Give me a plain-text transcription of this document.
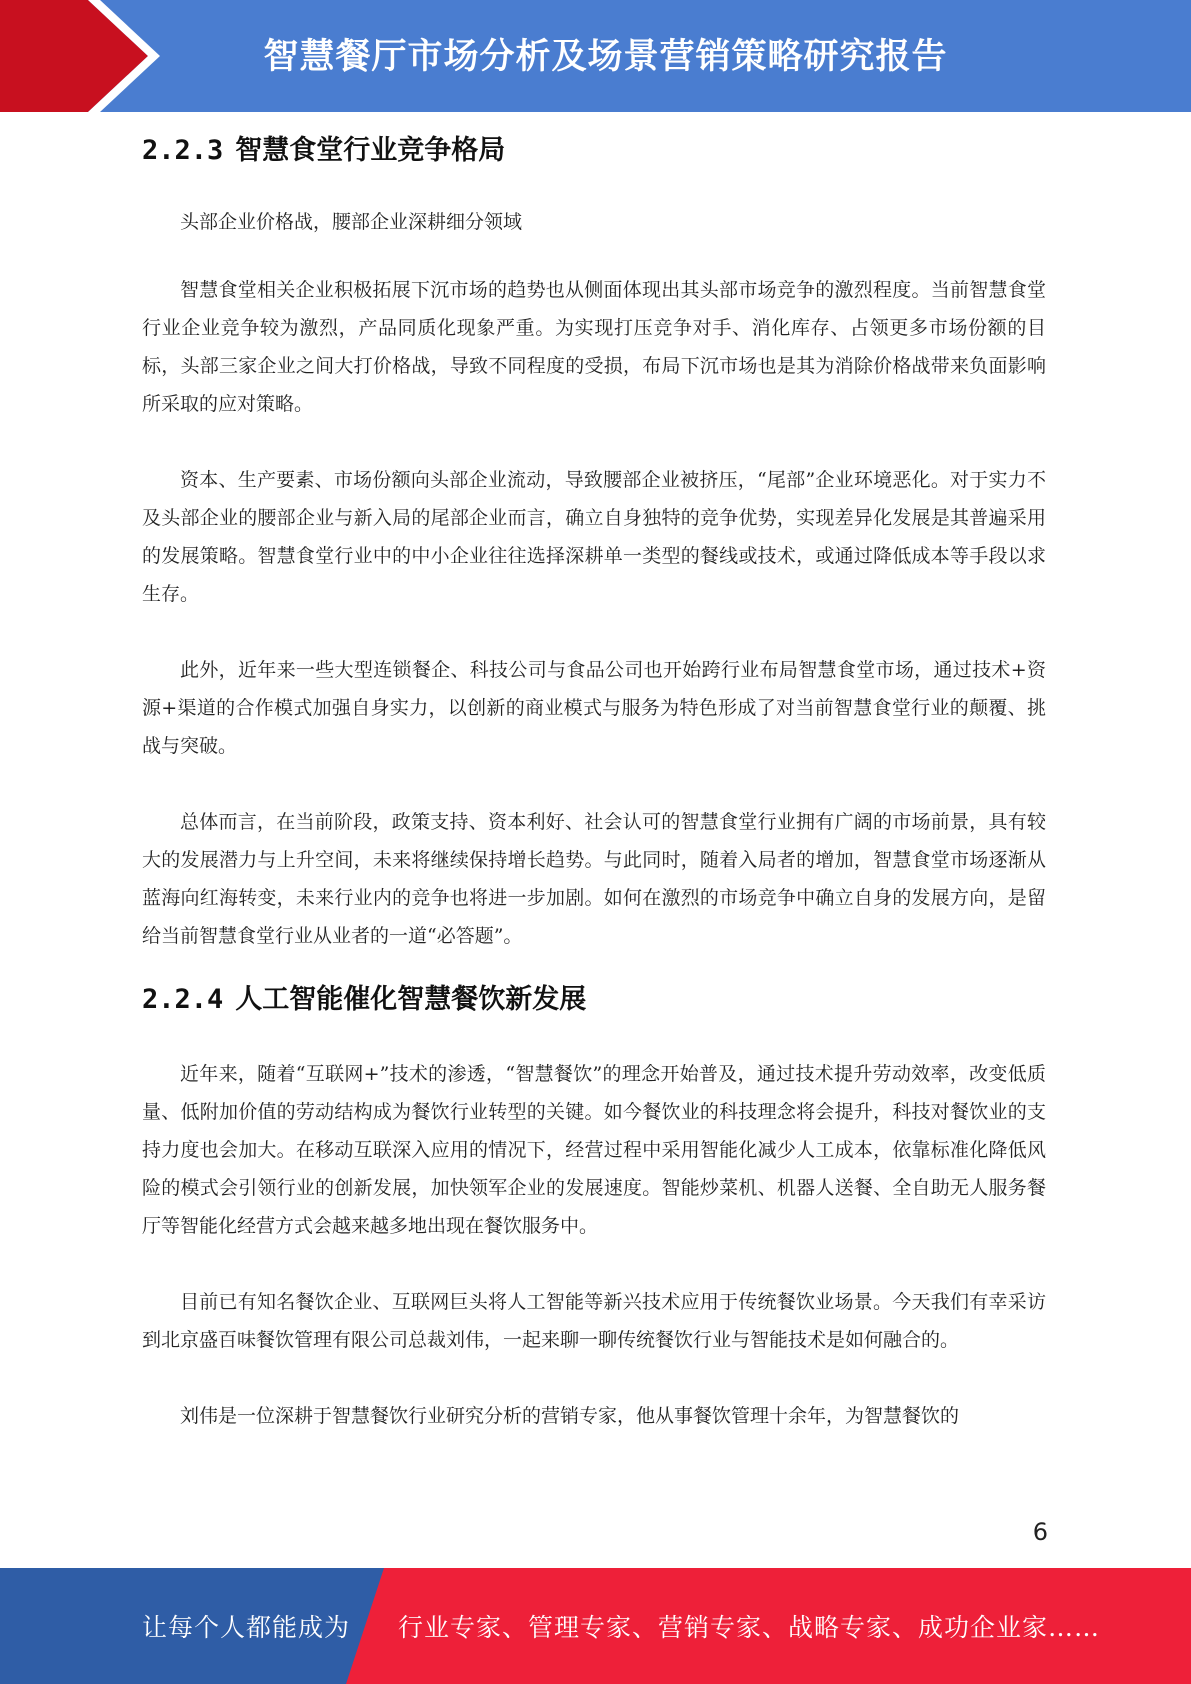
智慧餐厅市场分析及场景营销策略研究报告
2.2.3 智慧食堂行业竞争格局

头部企业价格战，腰部企业深耕细分领域

智慧食堂相关企业积极拓展下沉市场的趋势也从侧面体现出其头部市场竞争的激烈程度。当前智慧食堂行业企业竞争较为激烈，产品同质化现象严重。为实现打压竞争对手、消化库存、占领更多市场份额的目标，头部三家企业之间大打价格战，导致不同程度的受损，布局下沉市场也是其为消除价格战带来负面影响所采取的应对策略。

资本、生产要素、市场份额向头部企业流动，导致腰部企业被挤压，“尾部”企业环境恶化。对于实力不及头部企业的腰部企业与新入局的尾部企业而言，确立自身独特的竞争优势，实现差异化发展是其普遍采用的发展策略。智慧食堂行业中的中小企业往往选择深耕单一类型的餐线或技术，或通过降低成本等手段以求生存。

此外，近年来一些大型连锁餐企、科技公司与食品公司也开始跨行业布局智慧食堂市场，通过技术+资源+渠道的合作模式加强自身实力，以创新的商业模式与服务为特色形成了对当前智慧食堂行业的颠覆、挑战与突破。

总体而言，在当前阶段，政策支持、资本利好、社会认可的智慧食堂行业拥有广阔的市场前景，具有较大的发展潜力与上升空间，未来将继续保持增长趋势。与此同时，随着入局者的增加，智慧食堂市场逐渐从蓝海向红海转变，未来行业内的竞争也将进一步加剧。如何在激烈的市场竞争中确立自身的发展方向，是留给当前智慧食堂行业从业者的一道“必答题”。

2.2.4 人工智能催化智慧餐饮新发展

近年来，随着“互联网+”技术的渗透，“智慧餐饮”的理念开始普及，通过技术提升劳动效率，改变低质量、低附加价值的劳动结构成为餐饮行业转型的关键。如今餐饮业的科技理念将会提升，科技对餐饮业的支持力度也会加大。在移动互联深入应用的情况下，经营过程中采用智能化减少人工成本，依靠标准化降低风险的模式会引领行业的创新发展，加快领军企业的发展速度。智能炒菜机、机器人送餐、全自助无人服务餐厅等智能化经营方式会越来越多地出现在餐饮服务中。

目前已有知名餐饮企业、互联网巨头将人工智能等新兴技术应用于传统餐饮业场景。今天我们有幸采访到北京盛百味餐饮管理有限公司总裁刘伟，一起来聊一聊传统餐饮行业与智能技术是如何融合的。

刘伟是一位深耕于智慧餐饮行业研究分析的营销专家，他从事餐饮管理十余年，为智慧餐饮的

6
让每个人都能成为 行业专家、管理专家、营销专家、战略专家、成功企业家……
